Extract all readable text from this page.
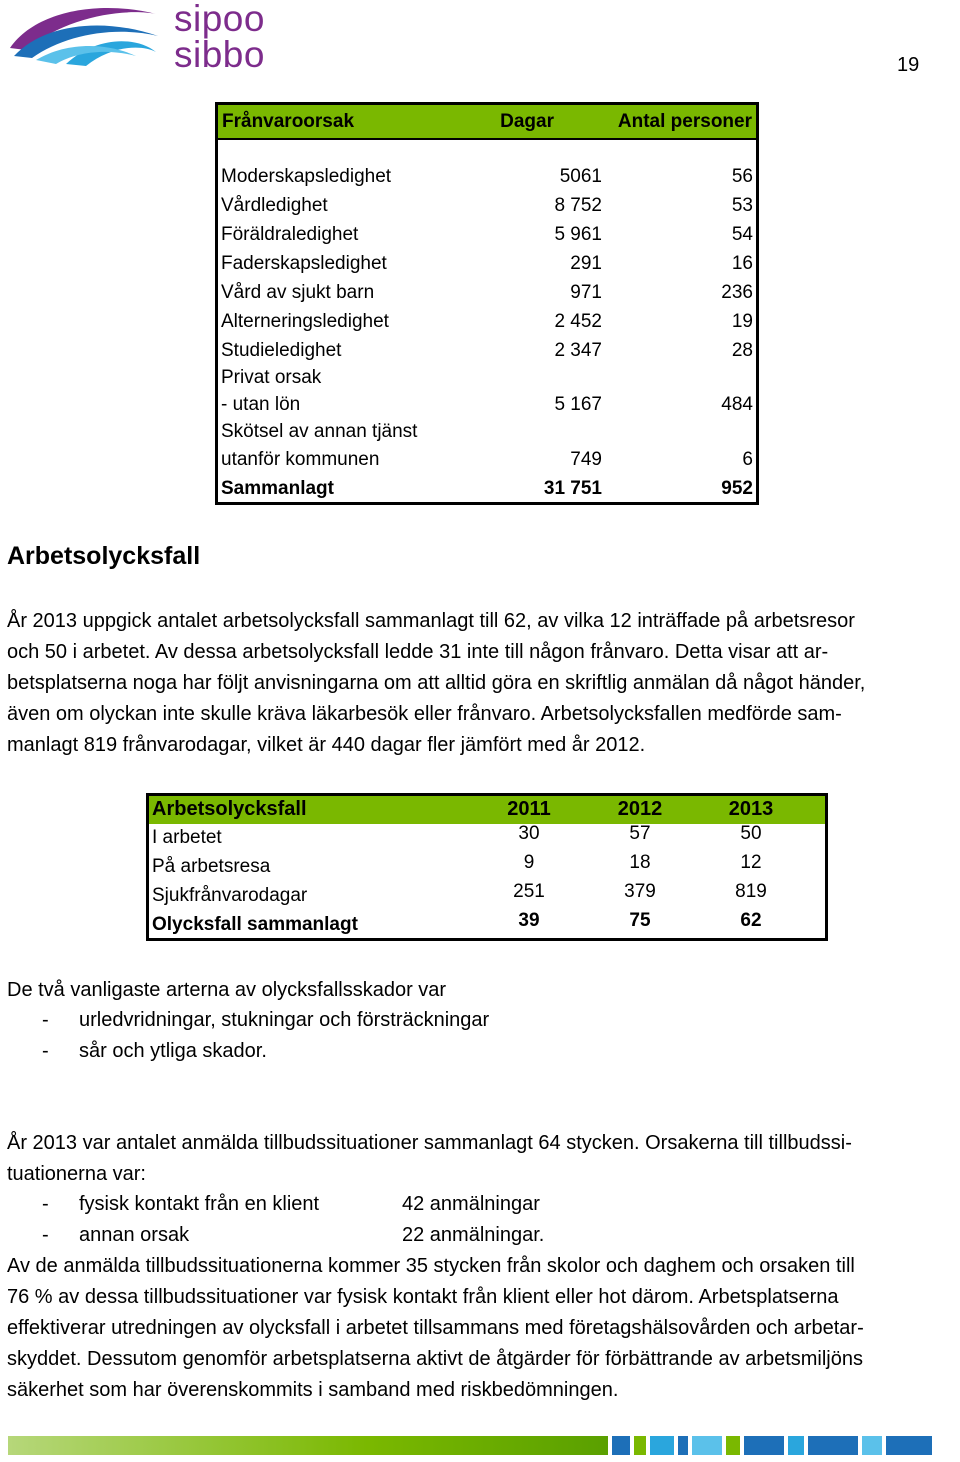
sipoo
sibbo	19
Frånvaroorsak	Dagar	Antal personer
Moderskapsledighet	5061	56
Vårdledighet	8 752	53
Föräldraledighet	5 961	54
Faderskapsledighet	291	16
Vård av sjukt barn	971	236
Alterneringsledighet	2 452	19
Studieledighet	2 347	28
Privat orsak
- utan lön	5 167	484
Skötsel av annan tjänst
utanför kommunen	749	6
Sammanlagt	31 751	952
Arbetsolycksfall
År 2013 uppgick antalet arbetsolycksfall sammanlagt till 62, av vilka 12 inträffade på arbetsresor
och 50 i arbetet. Av dessa arbetsolycksfall ledde 31 inte till någon frånvaro. Detta visar att ar-
betsplatserna noga har följt anvisningarna om att alltid göra en skriftlig anmälan då något händer,
även om olyckan inte skulle kräva läkarbesök eller frånvaro. Arbetsolycksfallen medförde sam-
manlagt 819 frånvarodagar, vilket är 440 dagar fler jämfört med år 2012.
Arbetsolycksfall	2011	2012	2013
I arbetet	30	57	50
På arbetsresa	9	18	12
Sjukfrånvarodagar	251	379	819
Olycksfall sammanlagt	39	75	62
De två vanligaste arterna av olycksfallsskador var
- urledvridningar, stukningar och försträckningar
- sår och ytliga skador.
År 2013 var antalet anmälda tillbudssituationer sammanlagt 64 stycken. Orsakerna till tillbudssi-
tuationerna var:
- fysisk kontakt från en klient	42 anmälningar
- annan orsak	22 anmälningar.
Av de anmälda tillbudssituationerna kommer 35 stycken från skolor och daghem och orsaken till
76 % av dessa tillbudssituationer var fysisk kontakt från klient eller hot därom. Arbetsplatserna
effektiverar utredningen av olycksfall i arbetet tillsammans med företagshälsovården och arbetar-
skyddet. Dessutom genomför arbetsplatserna aktivt de åtgärder för förbättrande av arbetsmiljöns
säkerhet som har överenskommits i samband med riskbedömningen.
